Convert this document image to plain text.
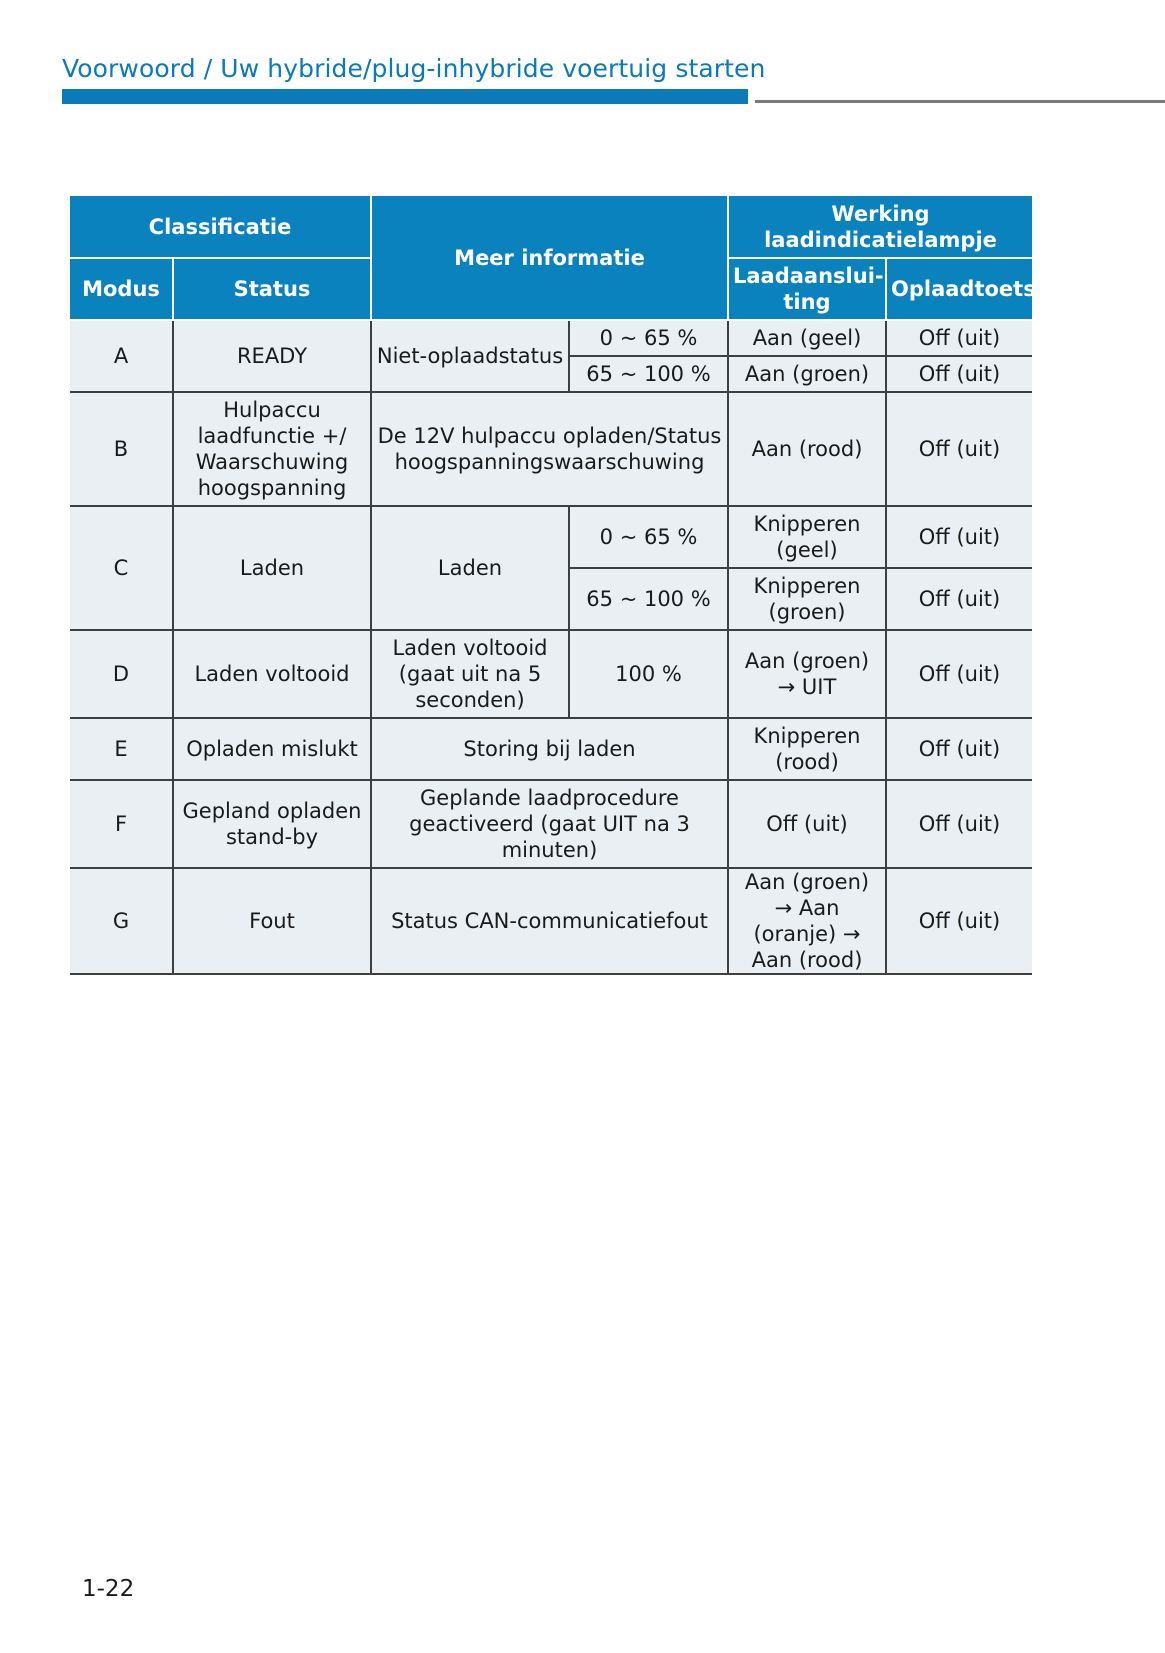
Voorwoord / Uw hybride/plug-inhybride voertuig starten
Classificatie		Meer informatie		Werking laadindicatielampje	
Modus	Status			Laadaanslui-ting	Oplaadtoets
A	READY	Niet-oplaadstatus	0 ~ 65 %	Aan (geel)	Off (uit)
			65 ~ 100 %	Aan (groen)	Off (uit)
B	Hulpaccu laadfunctie +/ Waarschuwing hoogspanning	De 12V hulpaccu opladen/Status hoogspanningswaarschuwing		Aan (rood)	Off (uit)
C	Laden	Laden	0 ~ 65 %	Knipperen (geel)	Off (uit)
			65 ~ 100 %	Knipperen (groen)	Off (uit)
D	Laden voltooid	Laden voltooid (gaat uit na 5 seconden)	100 %	Aan (groen) → UIT	Off (uit)
E	Opladen mislukt	Storing bij laden		Knipperen (rood)	Off (uit)
F	Gepland opladen stand-by	Geplande laadprocedure geactiveerd (gaat UIT na 3 minuten)		Off (uit)	Off (uit)
G	Fout	Status CAN-communicatiefout		Aan (groen) → Aan (oranje) → Aan (rood)	Off (uit)
1-22
